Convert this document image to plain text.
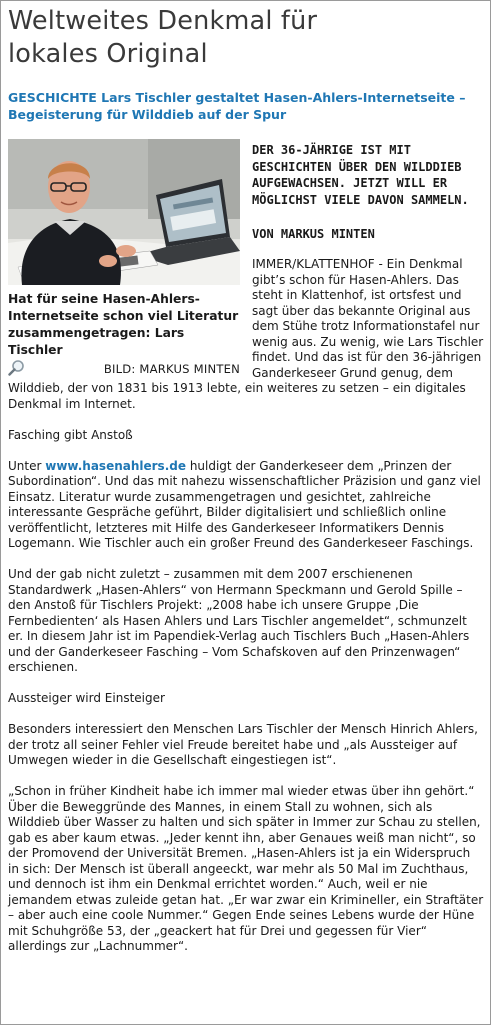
Weltweites Denkmal für
lokales Original
GESCHICHTE Lars Tischler gestaltet Hasen-Ahlers-Internetseite – Begeisterung für Wilddieb auf der Spur
Hat für seine Hasen-Ahlers-Internetseite schon viel Literatur zusammengetragen: Lars Tischler
BILD: MARKUS MINTEN
DER 36-JÄHRIGE IST MIT GESCHICHTEN ÜBER DEN WILDDIEB AUFGEWACHSEN. JETZT WILL ER MÖGLICHST VIELE DAVON SAMMELN.
VON MARKUS MINTEN

IMMER/KLATTENHOF - Ein Denkmal gibt’s schon für Hasen-Ahlers. Das steht in Klattenhof, ist ortsfest und sagt über das bekannte Original aus dem Stühe trotz Informationstafel nur wenig aus. Zu wenig, wie Lars Tischler findet. Und das ist für den 36-jährigen Ganderkeseer Grund genug, dem Wilddieb, der von 1831 bis 1913 lebte, ein weiteres zu setzen – ein digitales Denkmal im Internet.

Fasching gibt Anstoß

Unter www.hasenahlers.de huldigt der Ganderkeseer dem „Prinzen der Subordination“. Und das mit nahezu wissenschaftlicher Präzision und ganz viel Einsatz. Literatur wurde zusammengetragen und gesichtet, zahlreiche interessante Gespräche geführt, Bilder digitalisiert und schließlich online veröffentlicht, letzteres mit Hilfe des Ganderkeseer Informatikers Dennis Logemann. Wie Tischler auch ein großer Freund des Ganderkeseer Faschings.

Und der gab nicht zuletzt – zusammen mit dem 2007 erschienenen Standardwerk „Hasen-Ahlers“ von Hermann Speckmann und Gerold Spille – den Anstoß für Tischlers Projekt: „2008 habe ich unsere Gruppe ‚Die Fernbedienten‘ als Hasen Ahlers und Lars Tischler angemeldet“, schmunzelt er. In diesem Jahr ist im Papendiek-Verlag auch Tischlers Buch „Hasen-Ahlers und der Ganderkeseer Fasching – Vom Schafskoven auf den Prinzenwagen“ erschienen.

Aussteiger wird Einsteiger

Besonders interessiert den Menschen Lars Tischler der Mensch Hinrich Ahlers, der trotz all seiner Fehler viel Freude bereitet habe und „als Aussteiger auf Umwegen wieder in die Gesellschaft eingestiegen ist“.

„Schon in früher Kindheit habe ich immer mal wieder etwas über ihn gehört.“ Über die Beweggründe des Mannes, in einem Stall zu wohnen, sich als Wilddieb über Wasser zu halten und sich später in Immer zur Schau zu stellen, gab es aber kaum etwas. „Jeder kennt ihn, aber Genaues weiß man nicht“, so der Promovend der Universität Bremen. „Hasen-Ahlers ist ja ein Widerspruch in sich: Der Mensch ist überall angeeckt, war mehr als 50 Mal im Zuchthaus, und dennoch ist ihm ein Denkmal errichtet worden.“ Auch, weil er nie jemandem etwas zuleide getan hat. „Er war zwar ein Krimineller, ein Straftäter – aber auch eine coole Nummer.“ Gegen Ende seines Lebens wurde der Hüne mit Schuhgröße 53, der „geackert hat für Drei und gegessen für Vier“ allerdings zur „Lachnummer“.
